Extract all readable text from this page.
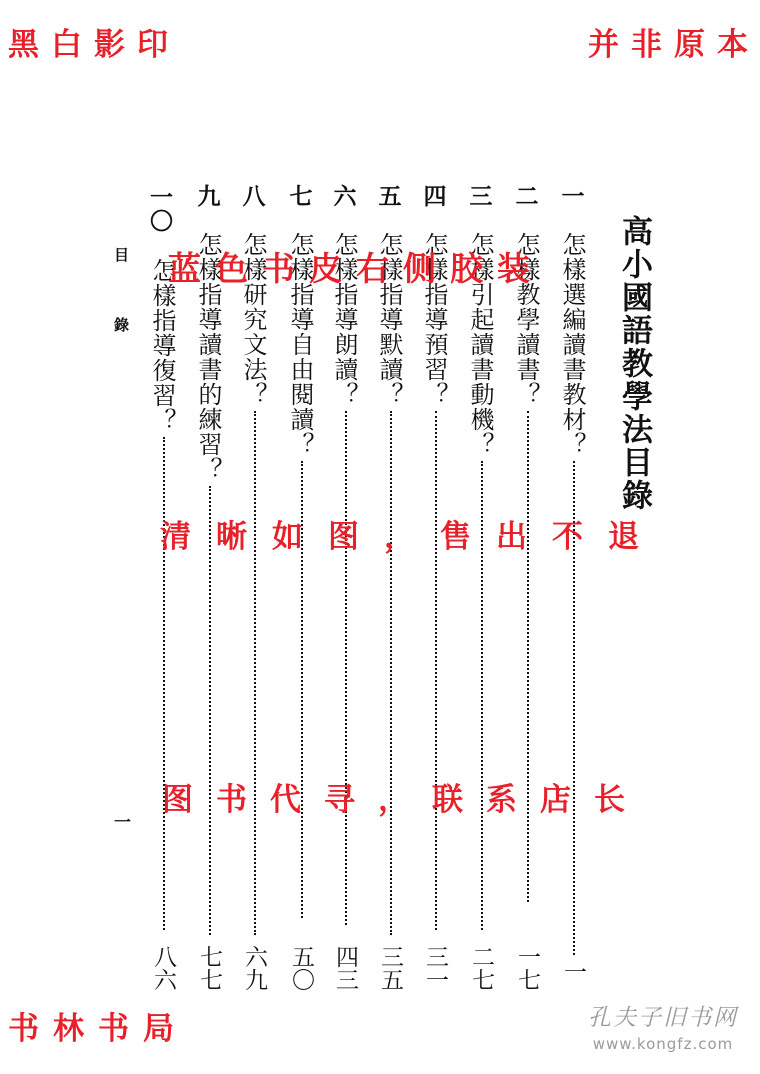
黑白影印	并非原本
书林书局
高小國語教學法目錄
一
怎樣選編讀書教材？
一
二
怎樣教學讀書？
一七
三
怎樣引起讀書動機？
二七
四
怎樣指導預習？
三一
五
怎樣指導默讀？
三五
六
怎樣指導朗讀？
四三
七
怎樣指導自由閱讀？
五〇
八
怎樣研究文法？
六九
九
怎樣指導讀書的練習？
七七
一〇
怎樣指導復習？
八六
目
錄
一
蓝色书皮右侧胶装
清晰如图，售出不退
图书代寻，联系店长
孔夫子旧书网
www.kongfz.com
